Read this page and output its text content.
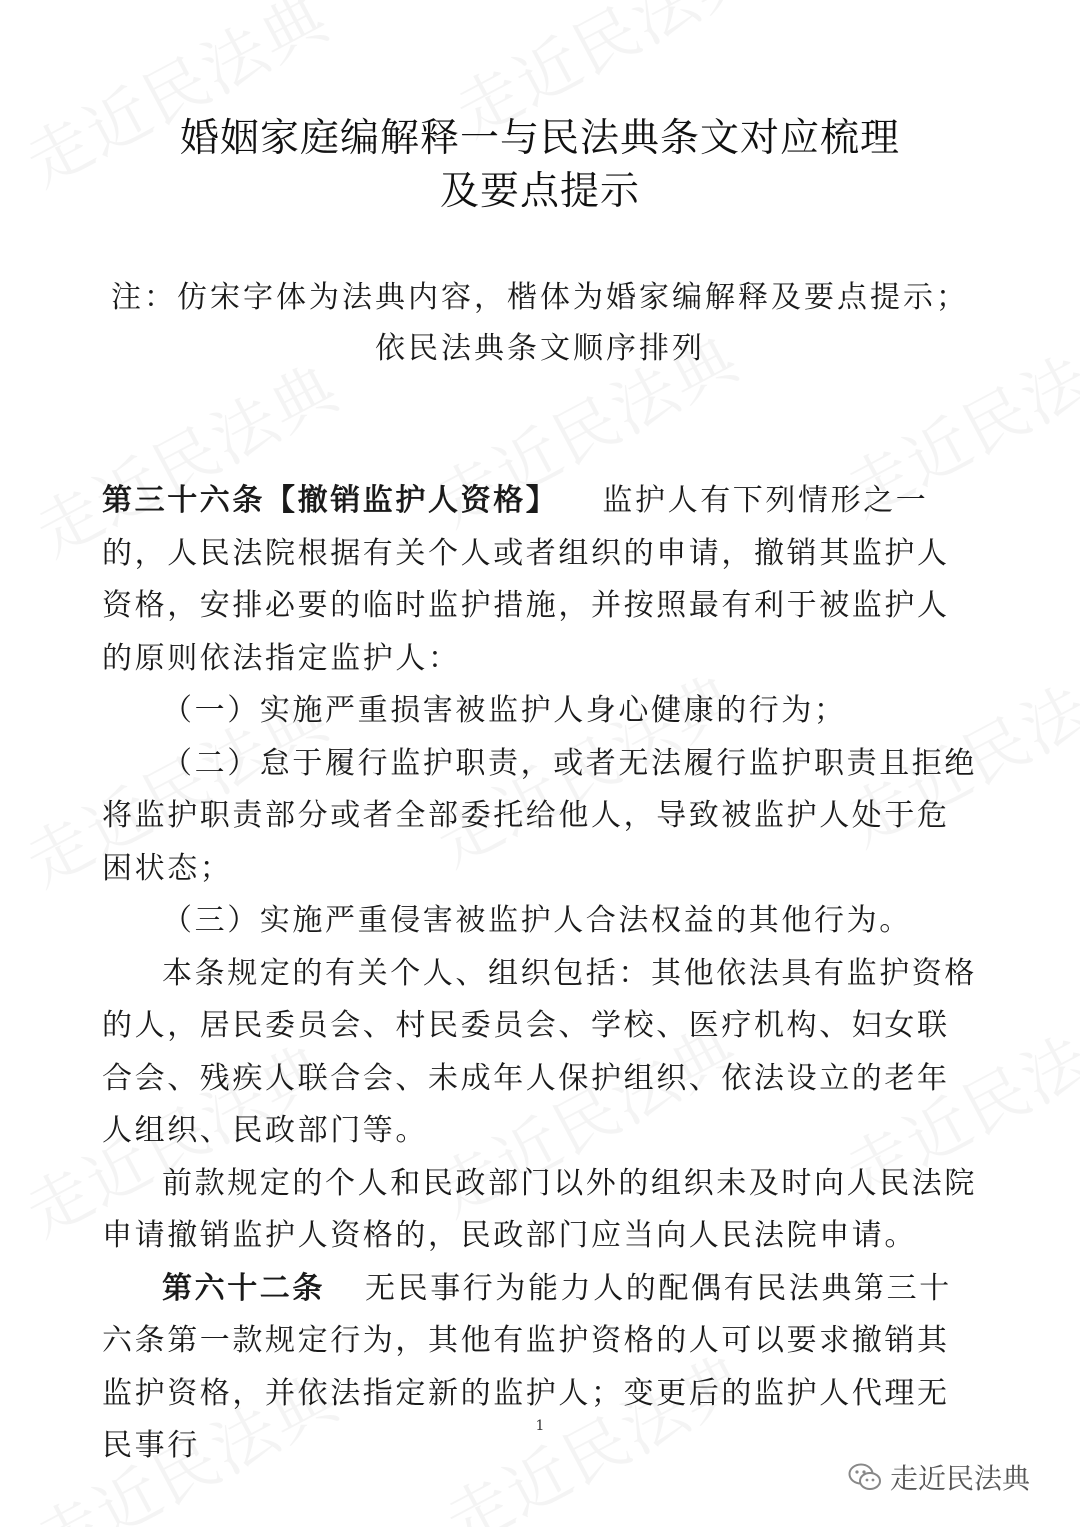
婚姻家庭编解释一与民法典条文对应梳理
及要点提示
注：仿宋字体为法典内容，楷体为婚家编解释及要点提示；
依民法典条文顺序排列

第三十六条【撤销监护人资格】 监护人有下列情形之一的，人民法院根据有关个人或者组织的申请，撤销其监护人资格，安排必要的临时监护措施，并按照最有利于被监护人的原则依法指定监护人：

（一）实施严重损害被监护人身心健康的行为；

（二）怠于履行监护职责，或者无法履行监护职责且拒绝将监护职责部分或者全部委托给他人，导致被监护人处于危困状态；

（三）实施严重侵害被监护人合法权益的其他行为。

本条规定的有关个人、组织包括：其他依法具有监护资格的人，居民委员会、村民委员会、学校、医疗机构、妇女联合会、残疾人联合会、未成年人保护组织、依法设立的老年人组织、民政部门等。

前款规定的个人和民政部门以外的组织未及时向人民法院申请撤销监护人资格的，民政部门应当向人民法院申请。

第六十二条 无民事行为能力人的配偶有民法典第三十六条第一款规定行为，其他有监护资格的人可以要求撤销其监护资格，并依法指定新的监护人；变更后的监护人代理无民事行

1
走近民法典
